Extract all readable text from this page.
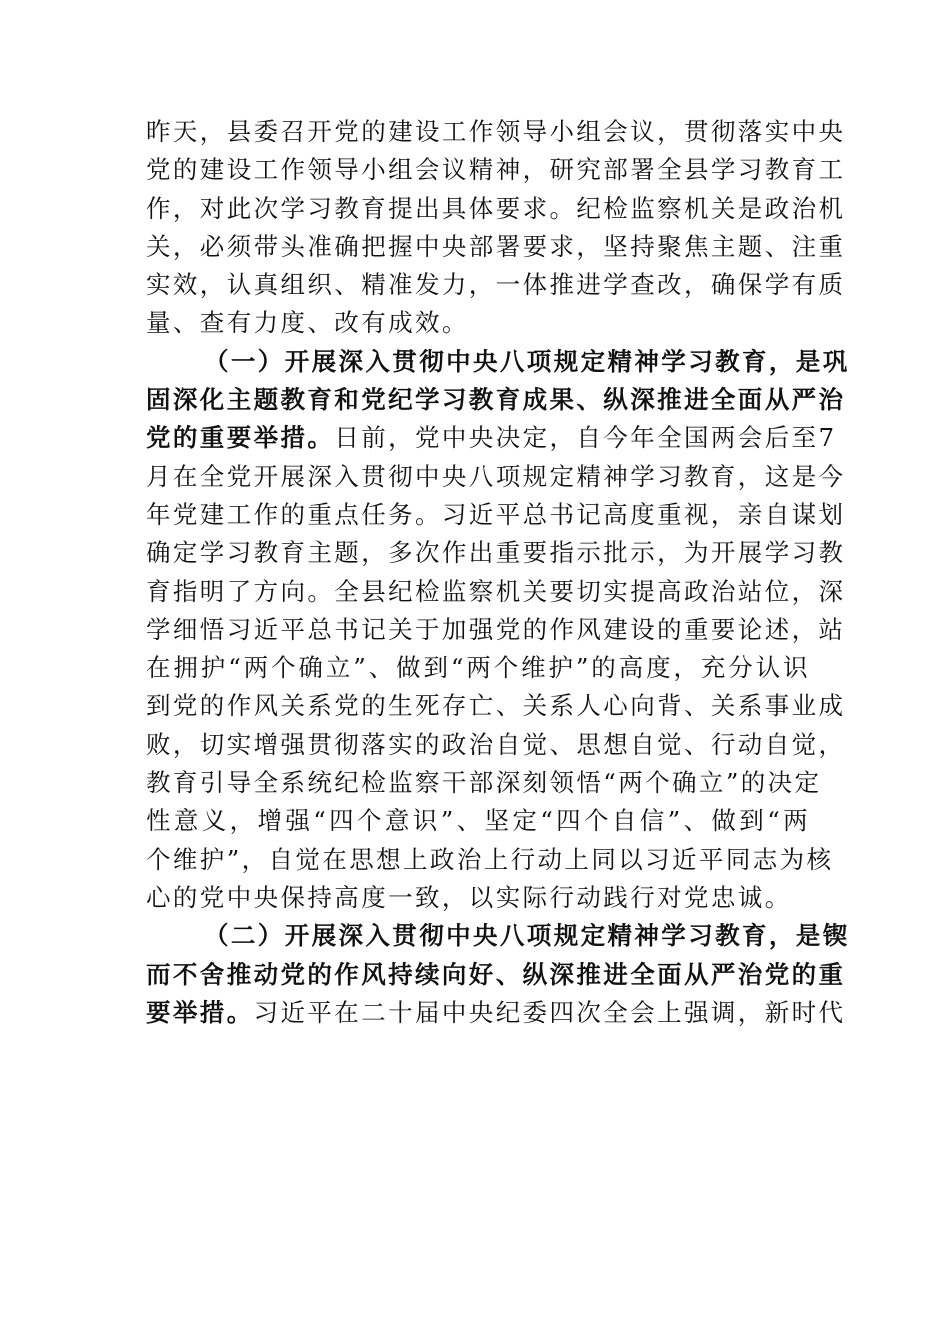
昨天，县委召开党的建设工作领导小组会议，贯彻落实中央
党的建设工作领导小组会议精神，研究部署全县学习教育工
作，对此次学习教育提出具体要求。纪检监察机关是政治机
关，必须带头准确把握中央部署要求，坚持聚焦主题、注重
实效，认真组织、精准发力，一体推进学查改，确保学有质
量、查有力度、改有成效。
（一）开展深入贯彻中央八项规定精神学习教育，是巩
固深化主题教育和党纪学习教育成果、纵深推进全面从严治
党的重要举措。 日前，党中央决定，自今年全国两会后至7
月在全党开展深入贯彻中央八项规定精神学习教育，这是今
年党建工作的重点任务。习近平总书记高度重视，亲自谋划
确定学习教育主题，多次作出重要指示批示，为开展学习教
育指明了方向。全县纪检监察机关要切实提高政治站位，深
学细悟习近平总书记关于加强党的作风建设的重要论述，站
在拥护“两个确立”、做到“两个维护”的高度，充分认识
到党的作风关系党的生死存亡、关系人心向背、关系事业成
败，切实增强贯彻落实的政治自觉、思想自觉、行动自觉，
教育引导全系统纪检监察干部深刻领悟“两个确立”的决定
性意义，增强“四个意识”、坚定“四个自信”、做到“两
个维护”，自觉在思想上政治上行动上同以习近平同志为核
心的党中央保持高度一致，以实际行动践行对党忠诚。
（二）开展深入贯彻中央八项规定精神学习教育，是锲
而不舍推动党的作风持续向好、纵深推进全面从严治党的重
要举措。 习近平在二十届中央纪委四次全会上强调，新时代
